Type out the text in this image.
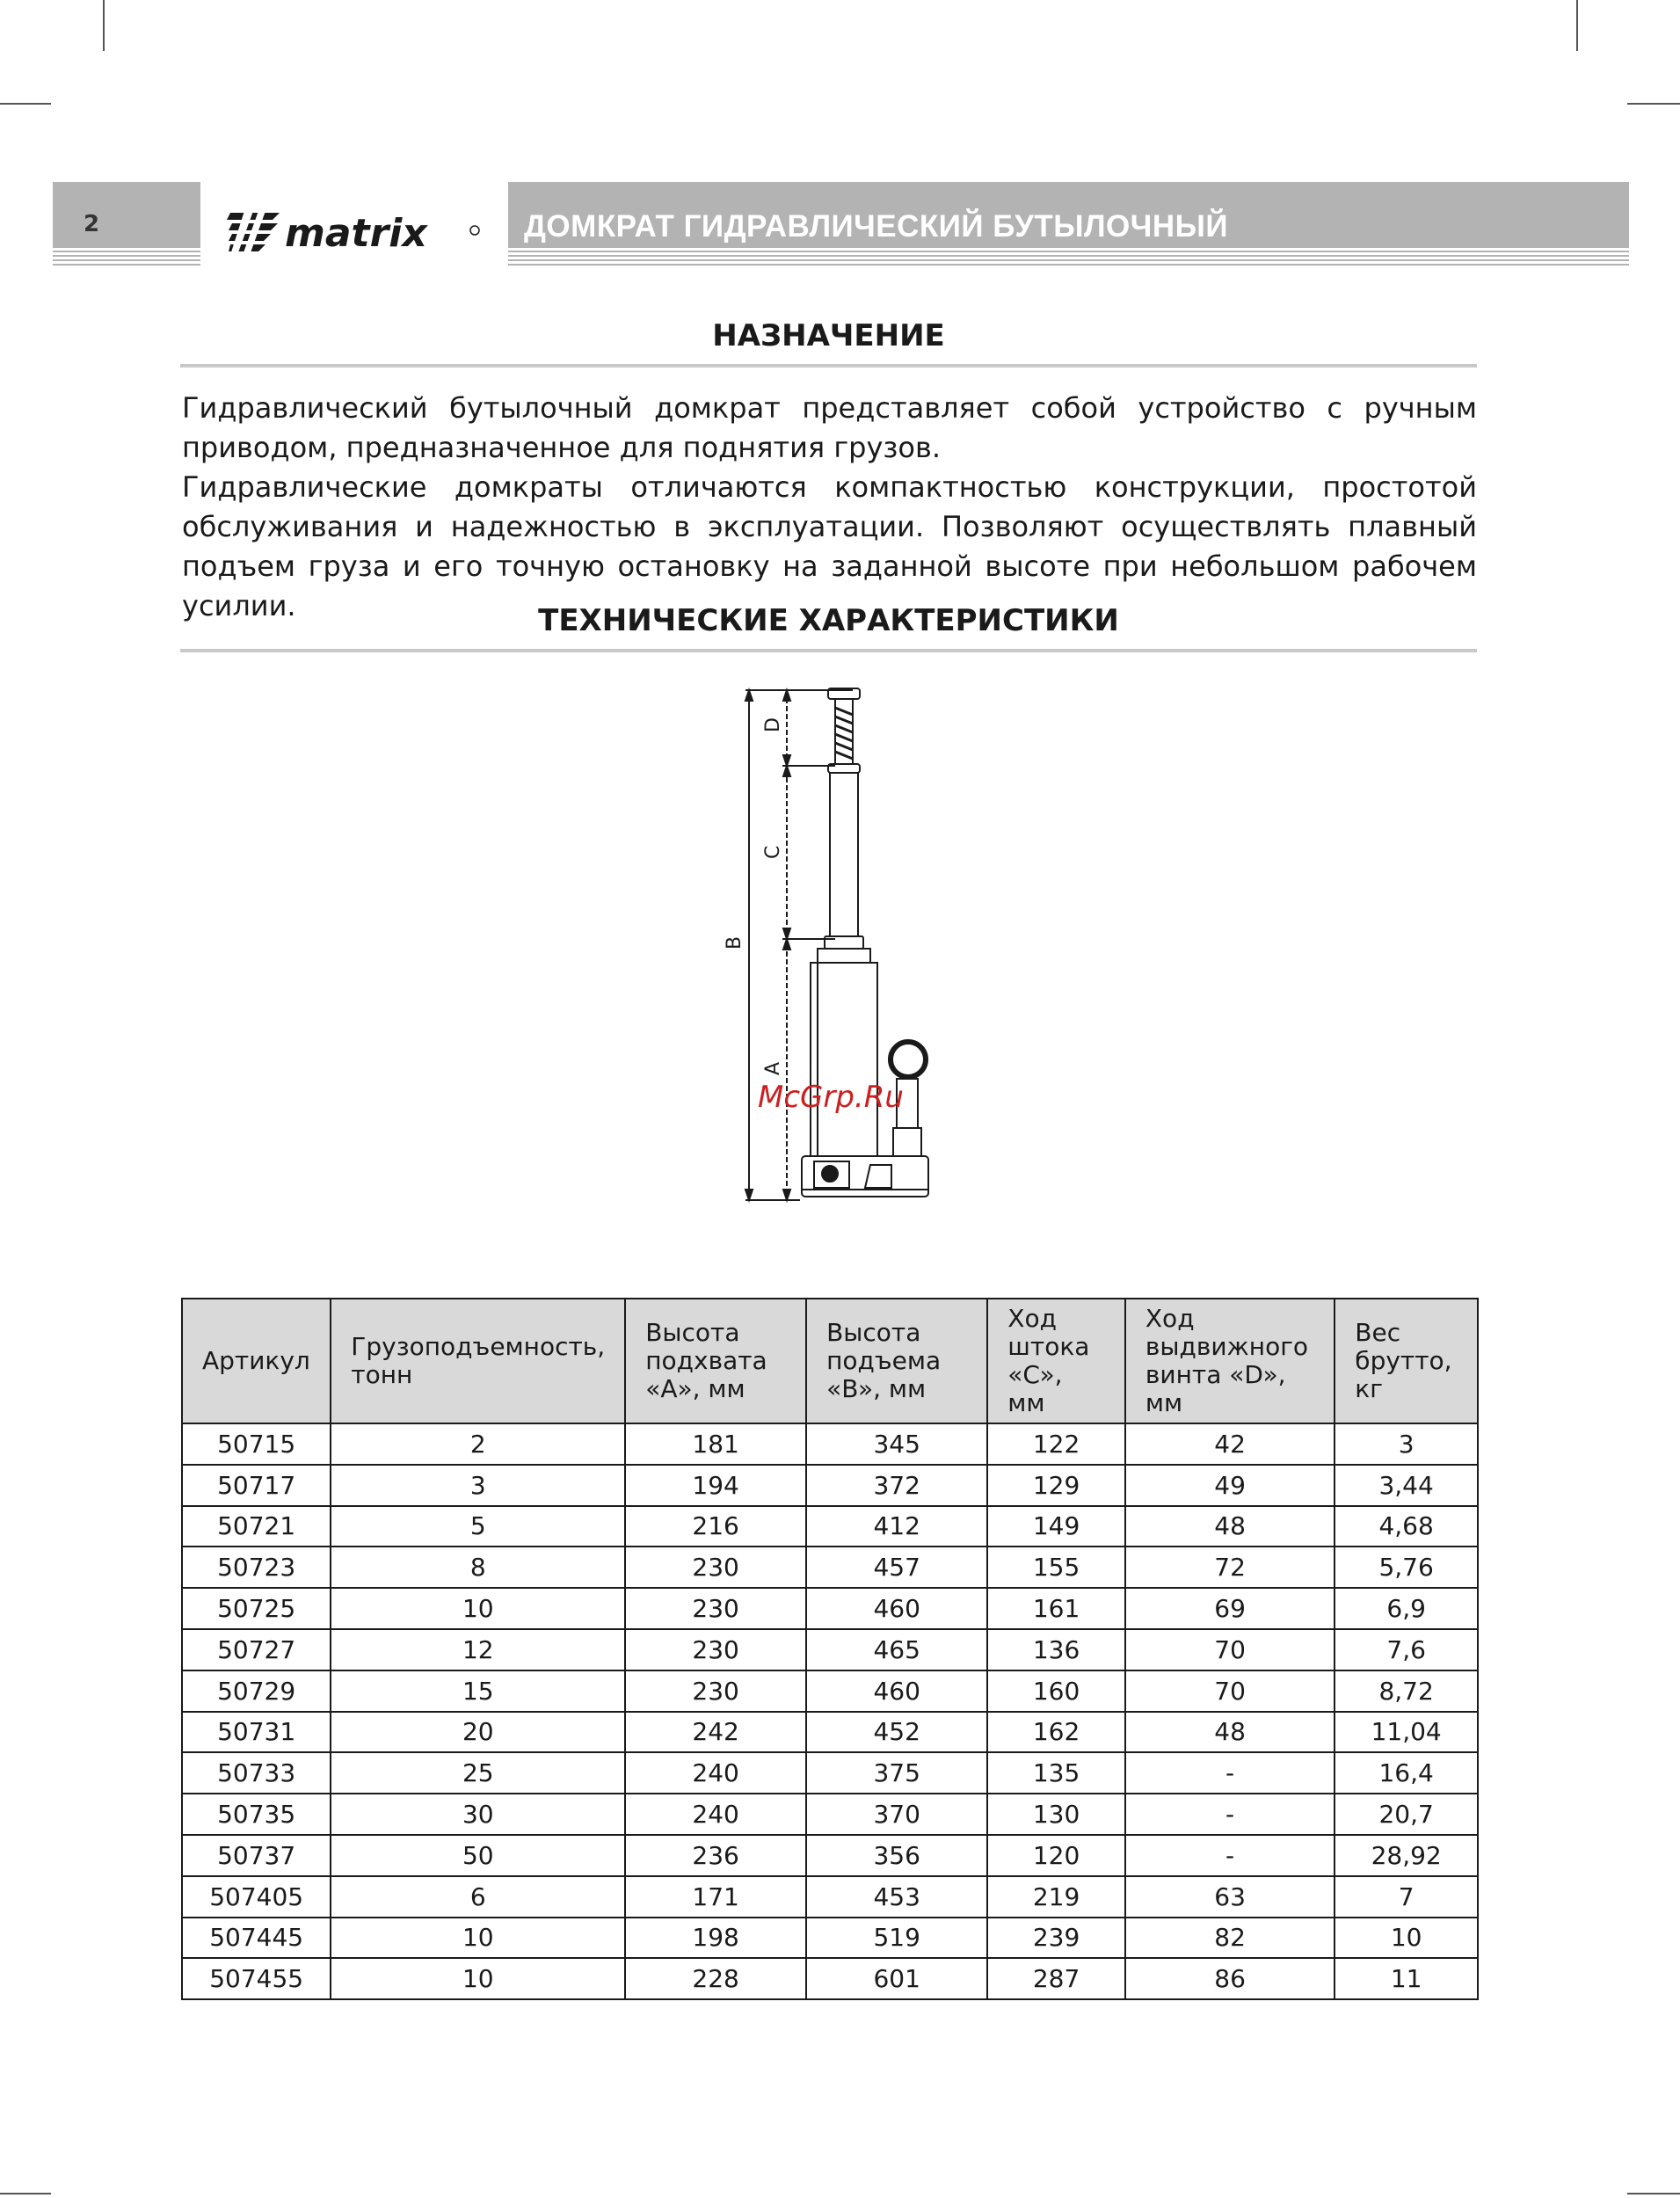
2	matrix	ДОМКРАТ ГИДРАВЛИЧЕСКИЙ БУТЫЛОЧНЫЙ
НАЗНАЧЕНИЕ

Гидравлический бутылочный домкрат представляет собой устройство с ручным приводом, предназначенное для поднятия грузов.

Гидравлические домкраты отличаются компактностью конструкции, простотой обслуживания и надежностью в эксплуатации. Позволяют осуществлять плавный подъем груза и его точную остановку на заданной высоте при небольшом рабочем усилии.	ТЕХНИЧЕСКИЕ ХАРАКТЕРИСТИКИ
B
D
C
A
McGrp.Ru
Артикул	Грузоподъемность, тонн	Высота подхвата «A», мм	Высота подъема «B», мм	Ход штока «C», мм	Ход выдвижного винта «D», мм	Вес брутто, кг
50715	2	181	345	122	42	3
50717	3	194	372	129	49	3,44
50721	5	216	412	149	48	4,68
50723	8	230	457	155	72	5,76
50725	10	230	460	161	69	6,9
50727	12	230	465	136	70	7,6
50729	15	230	460	160	70	8,72
50731	20	242	452	162	48	11,04
50733	25	240	375	135	-	16,4
50735	30	240	370	130	-	20,7
50737	50	236	356	120	-	28,92
507405	6	171	453	219	63	7
507445	10	198	519	239	82	10
507455	10	228	601	287	86	11
